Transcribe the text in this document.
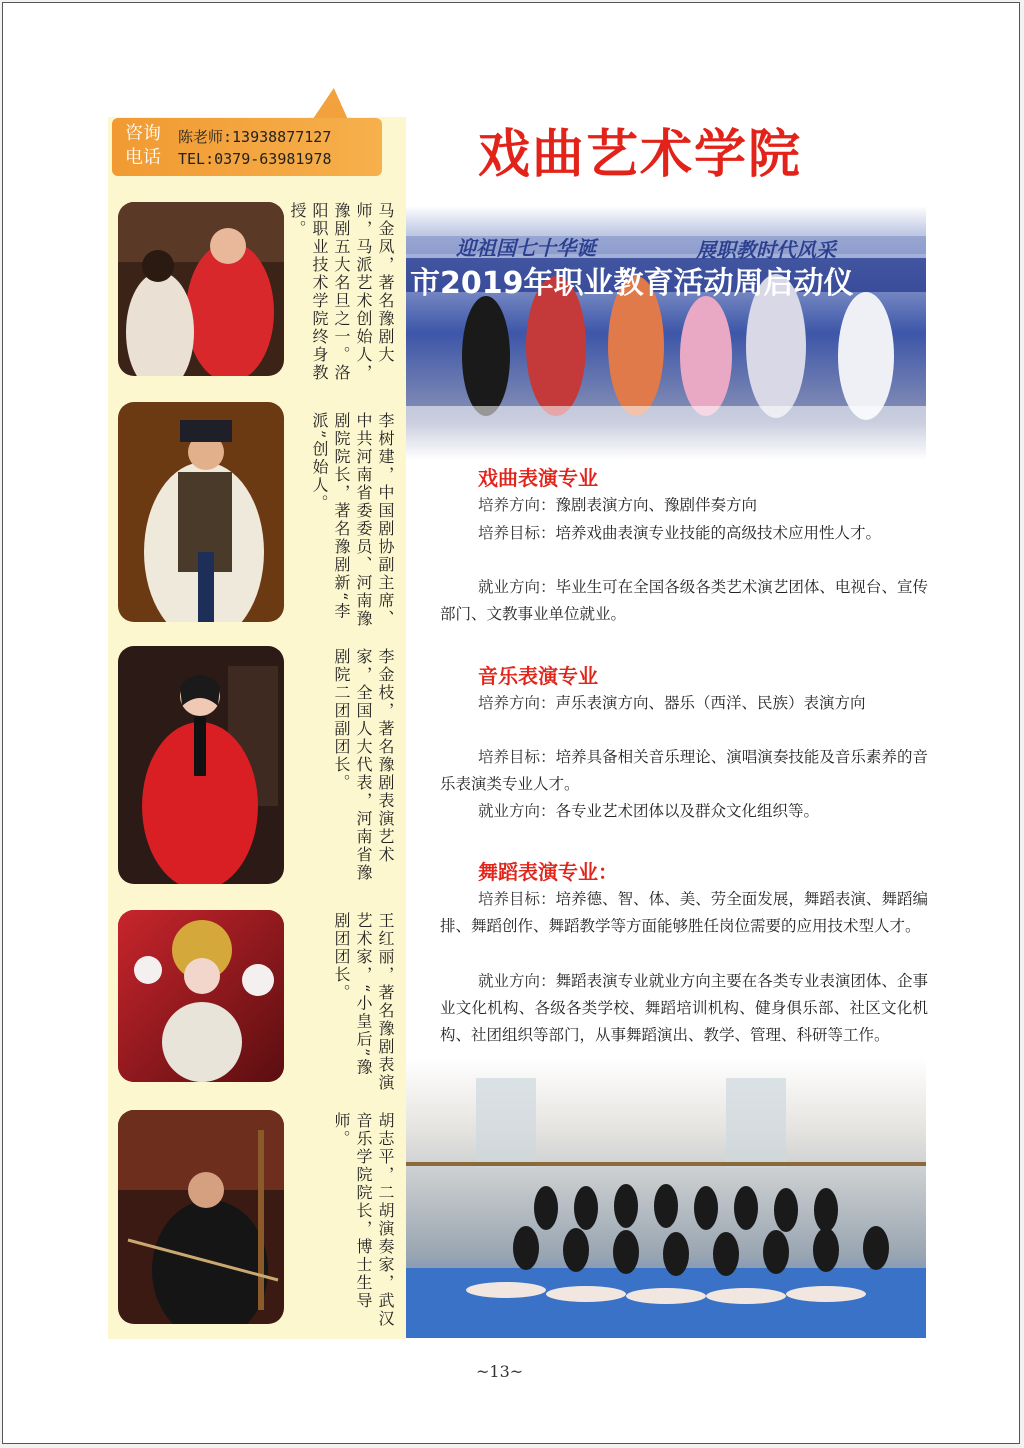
咨询
电话
陈老师:13938877127
TEL:0379-63981978
马金凤，著名豫剧大师，马派艺术创始人，豫剧五大名旦之一。洛阳职业技术学院终身教授。
李树建，中国剧协副主席、中共河南省委委员、河南豫剧院院长，著名豫剧新“李派”创始人。
李金枝，著名豫剧表演艺术家，全国人大代表，河南省豫剧院二团副团长。
王红丽，著名豫剧表演艺术家，“小皇后”豫剧团团长。
胡志平，二胡演奏家，武汉音乐学院院长，博士生导师。
戏曲艺术学院
迎祖国七十华诞	展职教时代风采
市2019年职业教育活动周启动仪
戏曲表演专业
培养方向：豫剧表演方向、豫剧伴奏方向
培养目标：培养戏曲表演专业技能的高级技术应用性人才。
就业方向：毕业生可在全国各级各类艺术演艺团体、电视台、宣传部门、文教事业单位就业。
音乐表演专业
培养方向：声乐表演方向、器乐（西洋、民族）表演方向
培养目标：培养具备相关音乐理论、演唱演奏技能及音乐素养的音乐表演类专业人才。
就业方向：各专业艺术团体以及群众文化组织等。
舞蹈表演专业：
培养目标：培养德、智、体、美、劳全面发展，舞蹈表演、舞蹈编排、舞蹈创作、舞蹈教学等方面能够胜任岗位需要的应用技术型人才。
就业方向：舞蹈表演专业就业方向主要在各类专业表演团体、企事业文化机构、各级各类学校、舞蹈培训机构、健身俱乐部、社区文化机构、社团组织等部门，从事舞蹈演出、教学、管理、科研等工作。
~13~
